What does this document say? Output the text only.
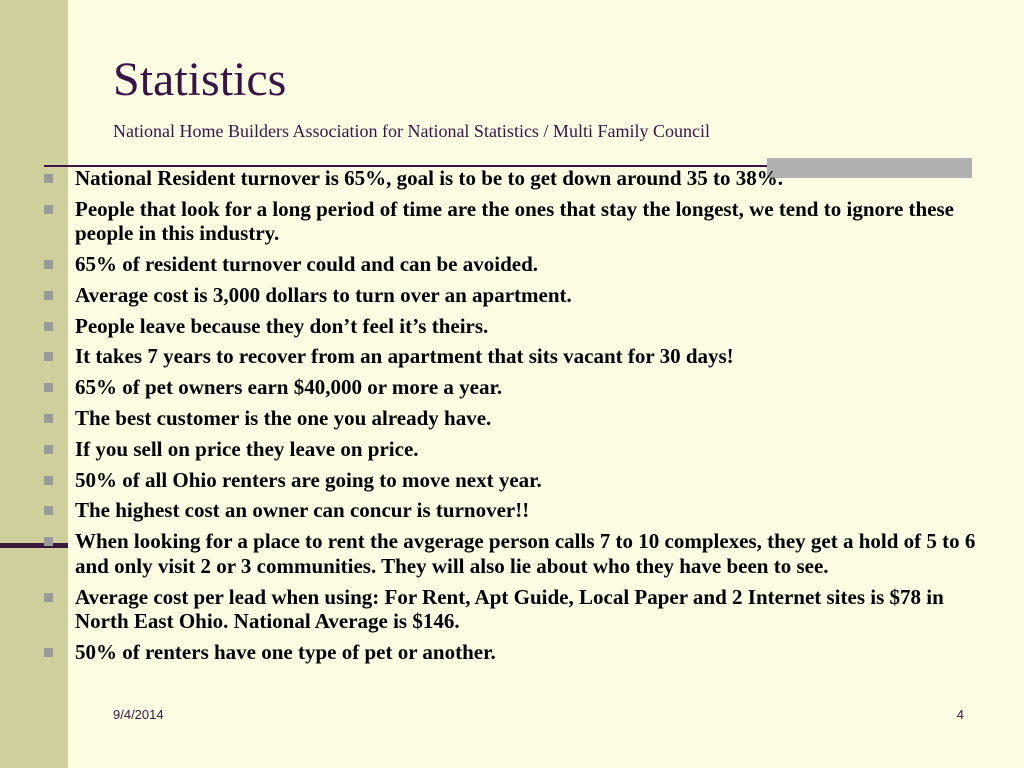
Statistics
National Home Builders Association for National Statistics / Multi Family Council
National Resident turnover is 65%, goal is to be to get down around 35 to 38%.
People that look for a long period of time are the ones that stay the longest, we tend to ignore these people in this industry.
65% of resident turnover could and can be avoided.
Average cost is 3,000 dollars to turn over an apartment.
People leave because they don’t feel it’s theirs.
It takes 7 years to recover from an apartment that sits vacant for 30 days!
65% of pet owners earn $40,000 or more a year.
The best customer is the one you already have.
If you sell on price they leave on price.
50% of all Ohio renters are going to move next year.
The highest cost an owner can concur is turnover!!
When looking for a place to rent the avgerage person calls 7 to 10 complexes, they get a hold of 5 to 6 and only visit 2 or 3 communities. They will also lie about who they have been to see.
Average cost per lead when using: For Rent, Apt Guide, Local Paper and 2 Internet sites is $78 in North East Ohio. National Average is $146.
50% of renters have one type of pet or another.
9/4/2014	4
